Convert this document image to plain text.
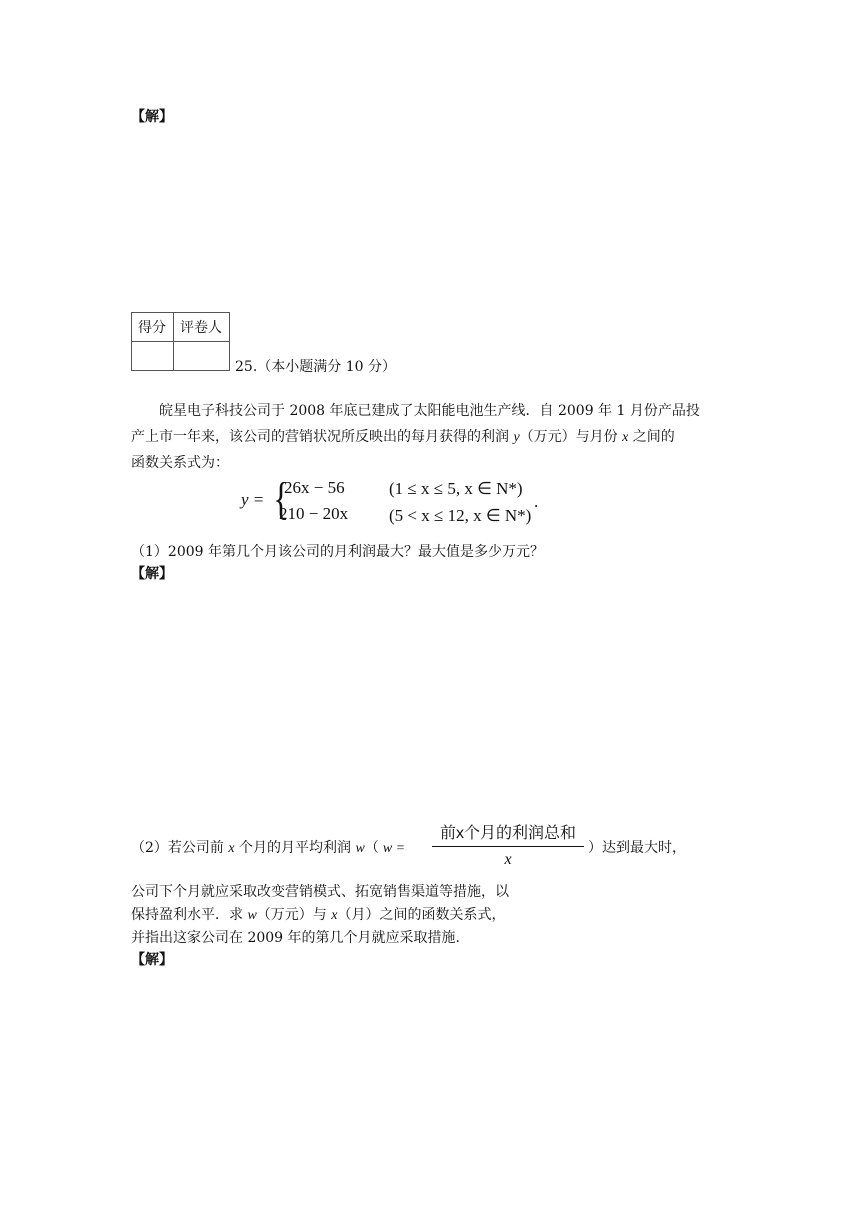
【解】
得分	评卷人

25.（本小题满分 10 分）
皖星电子科技公司于 2008 年底已建成了太阳能电池生产线．自 2009 年 1 月份产品投
产上市一年来，该公司的营销状况所反映出的每月获得的利润 y（万元）与月份 x 之间的
函数关系式为：
y = {
26x − 56	(1 ≤ x ≤ 5, x ∈ N*)
210 − 20x (5 < x ≤ 12, x ∈ N*)
.
（1）2009 年第几个月该公司的月利润最大？最大值是多少万元？
【解】
（2）若公司前 x 个月的月平均利润 w（ w =
前x个月的利润总和
x
）达到最大时，
公司下个月就应采取改变营销模式、拓宽销售渠道等措施，以
保持盈利水平．求 w（万元）与 x（月）之间的函数关系式，
并指出这家公司在 2009 年的第几个月就应采取措施.
【解】
